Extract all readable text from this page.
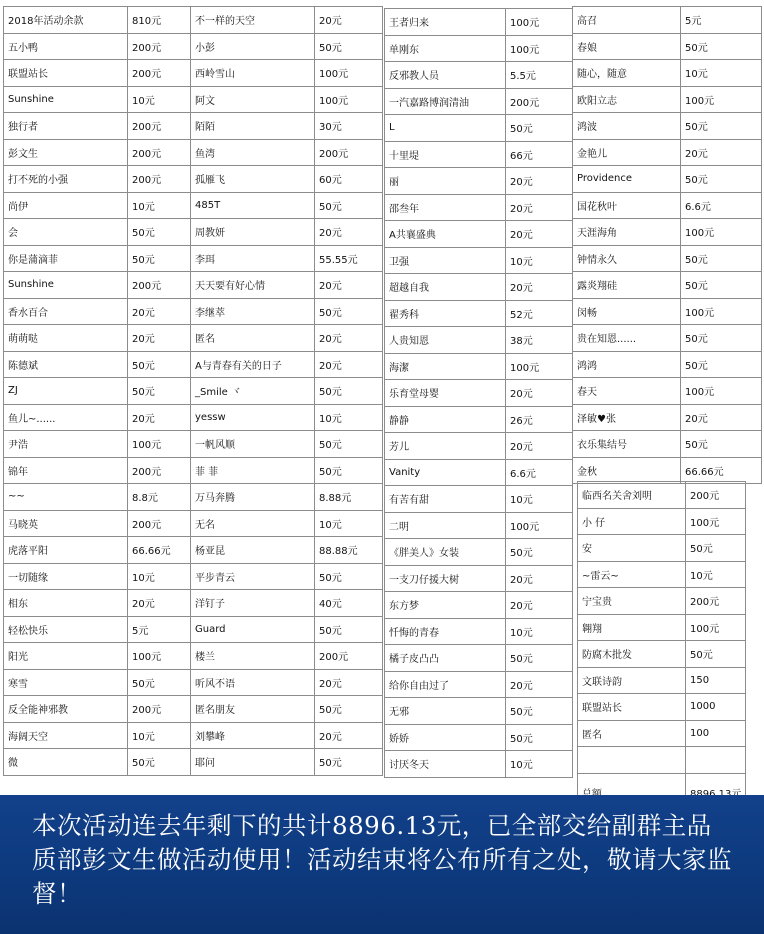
2018年活动余款	810元
五小鸭	200元
联盟站长	200元
Sunshine	10元
独行者	200元
彭文生	200元
打不死的小强	200元
尚伊	10元
会	50元
你是蒲滴菲	50元
Sunshine	200元
香水百合	20元
萌萌哒	20元
陈德斌	50元
ZJ	50元
鱼儿~......	20元
尹浩	100元
锦年	200元
~~	8.8元
马晓英	200元
虎落平阳	66.66元
一切随缘	10元
相东	20元
轻松快乐	5元
阳光	100元
寒雪	50元
反全能神邪教	200元
海阔天空	10元
微	50元
不一样的天空	20元
小彭	50元
西岭雪山	100元
阿文	100元
陌陌	30元
鱼湾	200元
孤雁飞	60元
485T	50元
周教妍	20元
李珥	55.55元
天天要有好心情	20元
李继萃	50元
匿名	20元
A与青春有关的日子	20元
_Smile ヾ	50元
yessw	10元
一帆风顺	50元
菲 菲	50元
万马奔腾	8.88元
无名	10元
杨亚昆	88.88元
平步青云	50元
洋钉子	40元
Guard	50元
楼兰	200元
听风不语	20元
匿名朋友	50元
刘攀峰	20元
耶问	50元
王者归来	100元
单刚东	100元
反邪教人员	5.5元
一汽嘉路博润清油	200元
L	50元
十里堤	66元
丽	20元
邵叁年	20元
A共襄盛典	20元
卫强	10元
超越自我	20元
翟秀科	52元
人贵知恩	38元
海潔	100元
乐育堂母婴	20元
静静	26元
芳儿	20元
Vanity	6.6元
有苦有甜	10元
二明	100元
《胖美人》女装	50元
一支刀仔援大树	20元
东方梦	20元
忏悔的青春	10元
橘子皮凸凸	50元
给你自由过了	20元
无邪	50元
娇娇	50元
讨厌冬天	10元
高召	5元
春娘	50元
随心，随意	10元
欧阳立志	100元
鸿波	50元
金艳儿	20元
Providence	50元
国花秋叶	6.6元
天涯海角	100元
钟情永久	50元
露炎翔硅	50元
闵畅	100元
贵在知恩......	50元
鸿鸿	50元
春天	100元
泽敏♥张	20元
衣乐集结号	50元
金秋	66.66元
临西名关舍刘明	200元
小 仔	100元
安	50元
~雷云~	10元
宁宝贵	200元
翱翔	100元
防腐木批发	50元
文联诗韵	150
联盟站长	1000
匿名	100

本次活动连去年剩下的共计8896.13元，已全部交给副群主品质部彭文生做活动使用！活动结束将公布所有之处，敬请大家监督！
